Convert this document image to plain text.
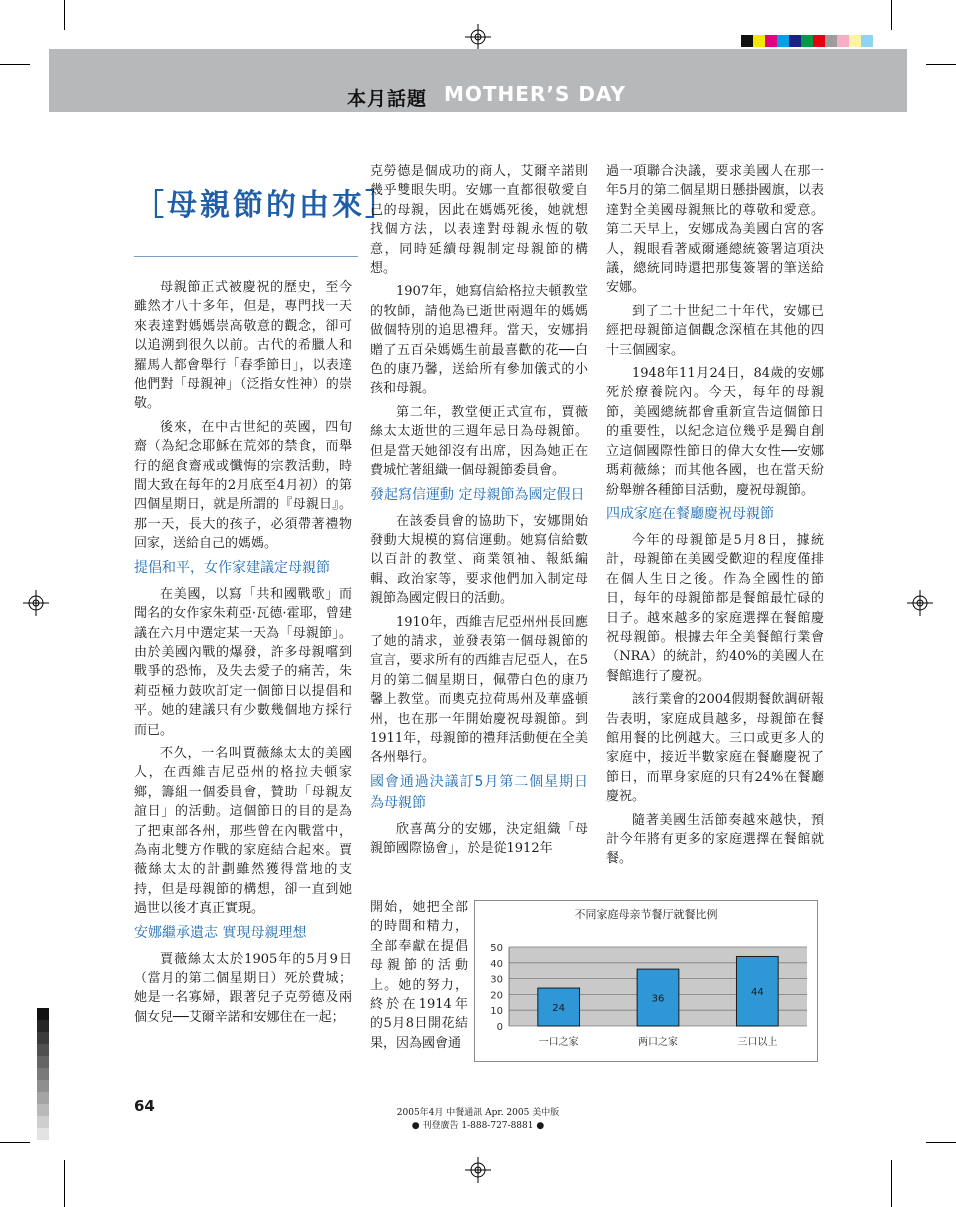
本月話題 MOTHER’S DAY
［母親節的由來］

母親節正式被慶祝的歷史，至今雖然才八十多年，但是，專門找一天來表達對媽媽崇高敬意的觀念，卻可以追溯到很久以前。古代的希臘人和羅馬人都會舉行「春季節日」，以表達他們對「母親神」（泛指女性神）的崇敬。

後來，在中古世紀的英國，四旬齋（為紀念耶穌在荒郊的禁食，而舉行的絕食齋戒或懺悔的宗教活動，時間大致在每年的2月底至4月初）的第四個星期日，就是所謂的『母親日』。那一天，長大的孩子，必須帶著禮物回家，送給自己的媽媽。

提倡和平，女作家建議定母親節

在美國，以寫「共和國戰歌」而聞名的女作家朱莉亞·瓦德·霍耶，曾建議在六月中選定某一天為「母親節」。由於美國內戰的爆發，許多母親嚐到戰爭的恐怖，及失去愛子的痛苦，朱莉亞極力鼓吹訂定一個節日以提倡和平。她的建議只有少數幾個地方採行而已。

不久，一名叫賈薇絲太太的美國人，在西維吉尼亞州的格拉夫頓家鄉，籌組一個委員會，贊助「母親友誼日」的活動。這個節日的目的是為了把東部各州，那些曾在內戰當中，為南北雙方作戰的家庭結合起來。賈薇絲太太的計劃雖然獲得當地的支持，但是母親節的構想，卻一直到她過世以後才真正實現。

安娜繼承遺志 實現母親理想

賈薇絲太太於1905年的5月9日（當月的第二個星期日）死於費城；她是一名寡婦，跟著兒子克勞德及兩個女兒──艾爾辛諾和安娜住在一起；

克勞德是個成功的商人，艾爾辛諾則幾乎雙眼失明。安娜一直都很敬愛自己的母親，因此在媽媽死後，她就想找個方法，以表達對母親永恆的敬意，同時延續母親制定母親節的構想。

1907年，她寫信給格拉夫頓教堂的牧師，請他為已逝世兩週年的媽媽做個特別的追思禮拜。當天，安娜捐贈了五百朵媽媽生前最喜歡的花──白色的康乃馨，送給所有參加儀式的小孩和母親。

第二年，教堂便正式宣布，賈薇絲太太逝世的三週年忌日為母親節。但是當天她卻沒有出席，因為她正在費城忙著組織一個母親節委員會。

發起寫信運動 定母親節為國定假日

在該委員會的協助下，安娜開始發動大規模的寫信運動。她寫信給數以百計的教堂、商業領袖、報紙編輯、政治家等，要求他們加入制定母親節為國定假日的活動。

1910年，西維吉尼亞州州長回應了她的請求，並發表第一個母親節的宣言，要求所有的西維吉尼亞人，在5月的第二個星期日，佩帶白色的康乃馨上教堂。而奧克拉荷馬州及華盛頓州，也在那一年開始慶祝母親節。到1911年，母親節的禮拜活動便在全美各州舉行。

國會通過決議訂5月第二個星期日為母親節

欣喜萬分的安娜，決定組織「母親節國際協會」，於是從1912年

開始，她把全部的時間和精力，全部奉獻在提倡母親節的活動上。她的努力，終於在1914年的5月8日開花結果，因為國會通

過一項聯合決議，要求美國人在那一年5月的第二個星期日懸掛國旗，以表達對全美國母親無比的尊敬和愛意。第二天早上，安娜成為美國白宮的客人，親眼看著威爾遜總統簽署這項決議，總統同時還把那隻簽署的筆送給安娜。

到了二十世紀二十年代，安娜已經把母親節這個觀念深植在其他的四十三個國家。

1948年11月24日，84歲的安娜死於療養院內。今天，每年的母親節，美國總統都會重新宣告這個節日的重要性，以紀念這位幾乎是獨自創立這個國際性節日的偉大女性──安娜瑪莉薇絲；而其他各國，也在當天紛紛舉辦各種節目活動，慶祝母親節。

四成家庭在餐廳慶祝母親節

今年的母親節是5月8日，據統計，母親節在美國受歡迎的程度僅排在個人生日之後。作為全國性的節日，每年的母親節都是餐館最忙碌的日子。越來越多的家庭選擇在餐館慶祝母親節。根據去年全美餐館行業會（NRA）的統計，約40%的美國人在餐館進行了慶祝。

該行業會的2004假期餐飲調研報告表明，家庭成員越多，母親節在餐館用餐的比例越大。三口或更多人的家庭中，接近半數家庭在餐廳慶祝了節日，而單身家庭的只有24%在餐廳慶祝。

隨著美國生活節奏越來越快，預計今年將有更多的家庭選擇在餐館就餐。

不同家庭母亲节餐厅就餐比例
0
10
20
30
40
50
24
一口之家
36
两口之家
44
三口以上
64	2005年4月 中餐通訊 Apr. 2005 美中版
● 刊登廣告 1-888-727-8881 ●
